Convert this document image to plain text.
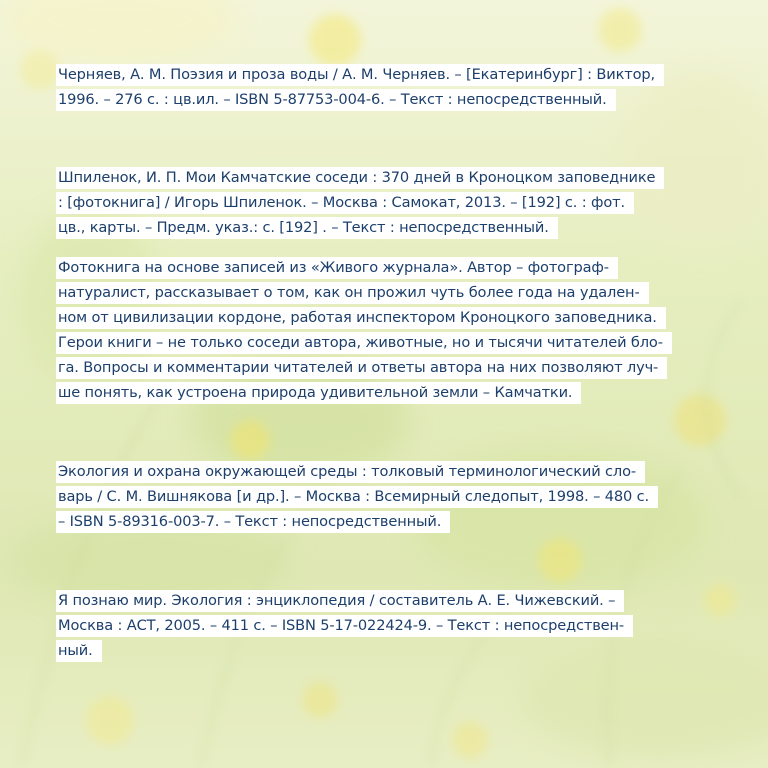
Черняев, А. М. Поэзия и проза воды / А. М. Черняев. – [Екатеринбург] : Виктор,
1996. – 276 с. : цв.ил. – ISBN 5-87753-004-6. – Текст : непосредственный.
Шпиленок, И. П. Мои Камчатские соседи : 370 дней в Кроноцком заповеднике
: [фотокнига] / Игорь Шпиленок. – Москва : Самокат, 2013. – [192] с. : фот.
цв., карты. – Предм. указ.: с. [192] . – Текст : непосредственный.
Фотокнига на основе записей из «Живого журнала». Автор – фотограф-
натуралист, рассказывает о том, как он прожил чуть более года на удален-
ном от цивилизации кордоне, работая инспектором Кроноцкого заповедника.
Герои книги – не только соседи автора, животные, но и тысячи читателей бло-
га. Вопросы и комментарии читателей и ответы автора на них позволяют луч-
ше понять, как устроена природа удивительной земли – Камчатки.
Экология и охрана окружающей среды : толковый терминологический сло-
варь / С. М. Вишнякова [и др.]. – Москва : Всемирный следопыт, 1998. – 480 с.
– ISBN 5-89316-003-7. – Текст : непосредственный.
Я познаю мир. Экология : энциклопедия / составитель А. Е. Чижевский. –
Москва : АСТ, 2005. – 411 с. – ISBN 5-17-022424-9. – Текст : непосредствен-
ный.
